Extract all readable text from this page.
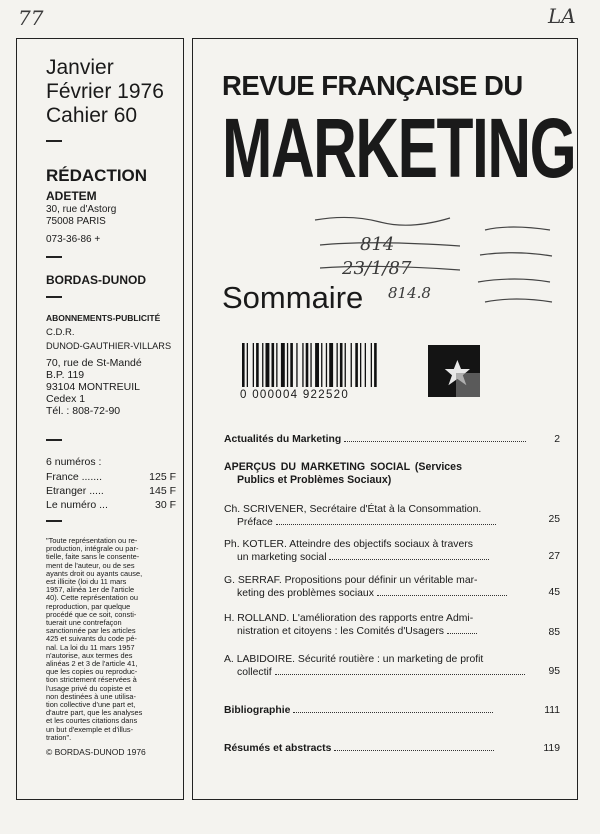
77	LA
Janvier
Février 1976
Cahier 60
RÉDACTION
ADETEM
30, rue d'Astorg
75008 PARIS
073-36-86 +
BORDAS-DUNOD
ABONNEMENTS-PUBLICITÉ
C.D.R.
DUNOD-GAUTHIER-VILLARS
70, rue de St-Mandé
B.P. 119
93104 MONTREUIL
Cedex 1
Tél. : 808-72-90
6 numéros :
France .......	125 F
Etranger .....	145 F
Le numéro ...	30 F
"Toute représentation ou re-
production, intégrale ou par-
tielle, faite sans le consente-
ment de l'auteur, ou de ses
ayants droit ou ayants cause,
est illicite (loi du 11 mars
1957, alinéa 1er de l'article
40). Cette représentation ou
reproduction, par quelque
procédé que ce soit, consti-
tuerait une contrefaçon
sanctionnée par les articles
425 et suivants du code pé-
nal. La loi du 11 mars 1957
n'autorise, aux termes des
alinéas 2 et 3 de l'article 41,
que les copies ou reproduc-
tion strictement réservées à
l'usage privé du copiste et
non destinées à une utilisa-
tion collective d'une part et,
d'autre part, que les analyses
et les courtes citations dans
un but d'exemple et d'illus-
tration".
© BORDAS-DUNOD 1976
REVUE FRANÇAISE DU
MARKETING
814
23/1/87
814.8
Sommaire
0 000004 922520
Actualités du Marketing	2
APERÇUS DU MARKETING SOCIAL (Services
Publics et Problèmes Sociaux)
Ch. SCRIVENER, Secrétaire d'État à la Consommation.
Préface	25
Ph. KOTLER. Atteindre des objectifs sociaux à travers
un marketing social	27
G. SERRAF. Propositions pour définir un véritable mar-
keting des problèmes sociaux	45
H. ROLLAND. L'amélioration des rapports entre Admi-
nistration et citoyens : les Comités d'Usagers	85
A. LABIDOIRE. Sécurité routière : un marketing de profit
collectif	95
Bibliographie	111
Résumés et abstracts	119
